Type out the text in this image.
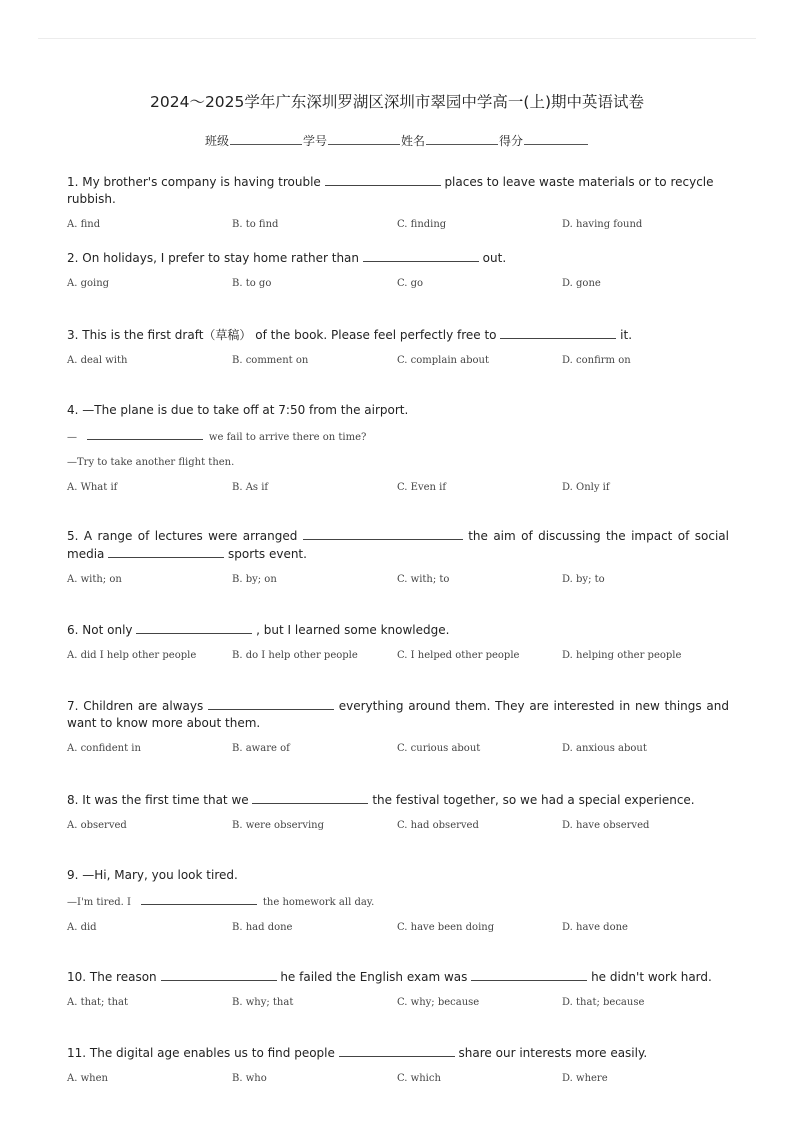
2024～2025学年广东深圳罗湖区深圳市翠园中学高一(上)期中英语试卷
班级	学号	姓名	得分
1. My brother's company is having trouble	places to leave waste materials or to recycle rubbish.
A. find	B. to find	C. finding	D. having found
2. On holidays, I prefer to stay home rather than	out.
A. going	B. to go	C. go	D. gone
3. This is the first draft（草稿） of the book. Please feel perfectly free to	it.
A. deal with	B. comment on	C. complain about	D. confirm on
4. —The plane is due to take off at 7:50 from the airport.
—	we fail to arrive there on time?
—Try to take another flight then.
A. What if	B. As if	C. Even if	D. Only if
5. A range of lectures were arranged	the aim of discussing the impact of social media	sports event.
A. with; on	B. by; on	C. with; to	D. by; to
6. Not only	, but I learned some knowledge.
A. did I help other people	B. do I help other people	C. I helped other people	D. helping other people
7. Children are always	everything around them. They are interested in new things and want to know more about them.
A. confident in	B. aware of	C. curious about	D. anxious about
8. It was the first time that we	the festival together, so we had a special experience.
A. observed	B. were observing	C. had observed	D. have observed
9. —Hi, Mary, you look tired.
—I'm tired. I	the homework all day.
A. did	B. had done	C. have been doing	D. have done
10. The reason	he failed the English exam was	he didn't work hard.
A. that; that	B. why; that	C. why; because	D. that; because
11. The digital age enables us to find people	share our interests more easily.
A. when	B. who	C. which	D. where
